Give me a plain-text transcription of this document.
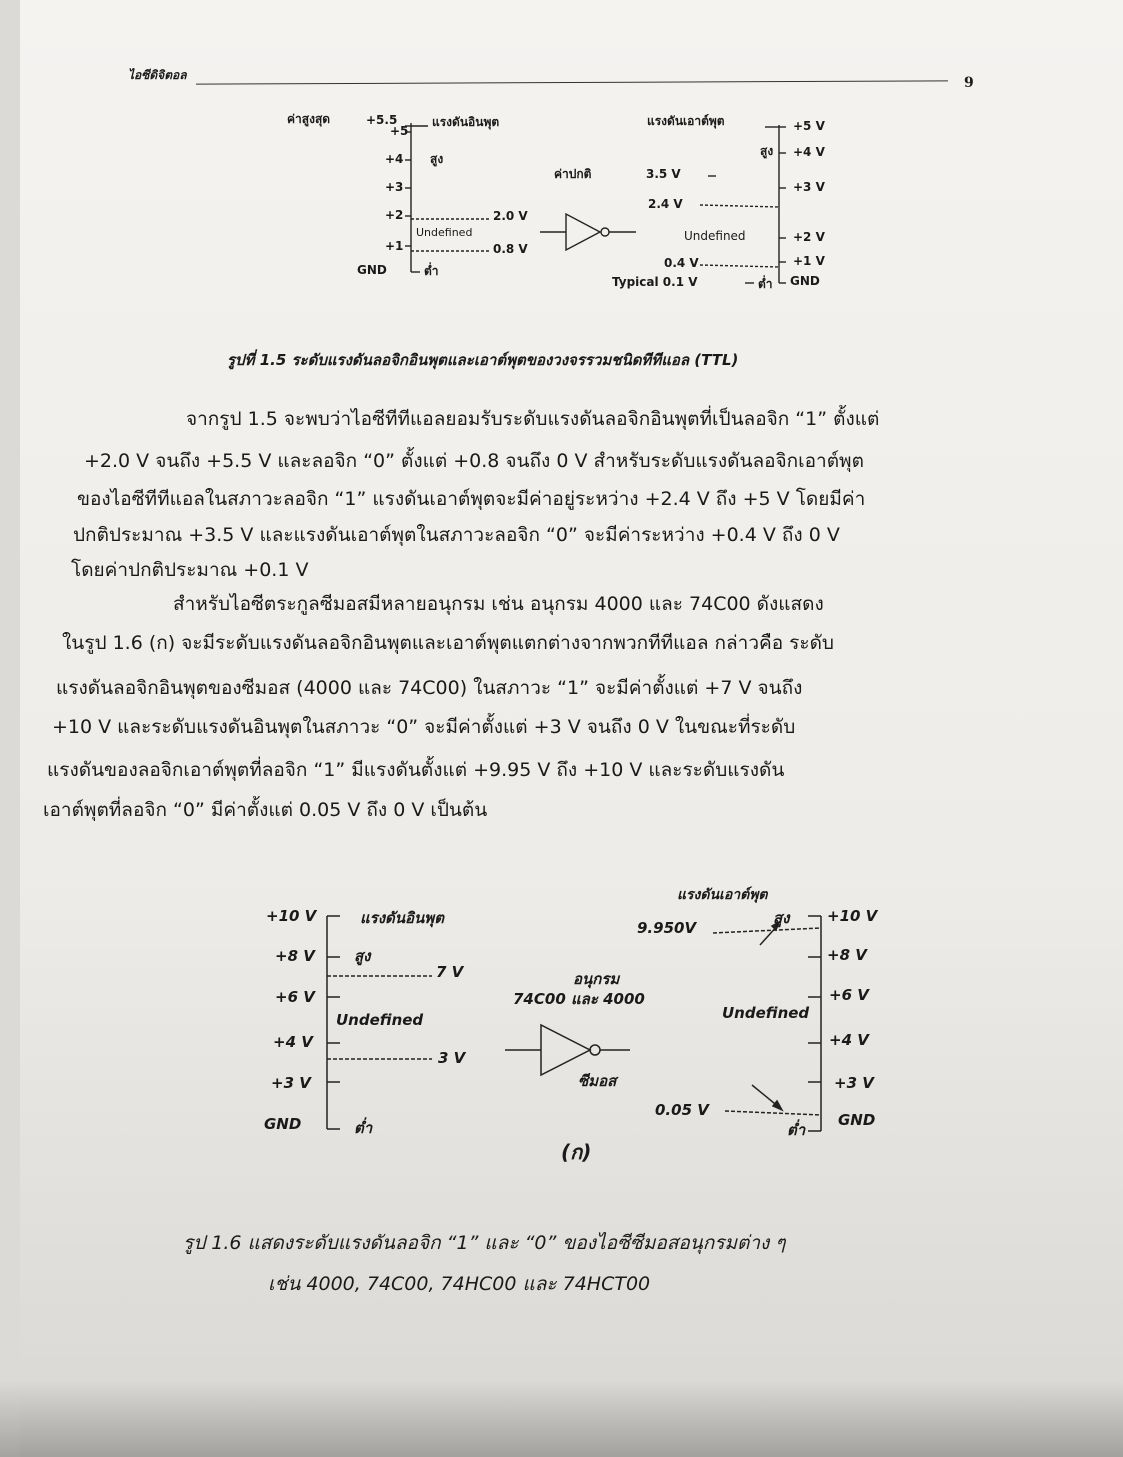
ไอซีดิจิตอล	9
ค่าสูงสุด	แรงดันอินพุต
+5.5
+5
+4
+3
+2
+1
GND
สูง
ต่ำ
Undefined
2.0 V
0.8 V
ค่าปกติ
แรงดันเอาต์พุต	+5 V
+4 V
+3 V
+2 V
+1 V
GND
สูง
ต่ำ
Undefined
3.5 V
2.4 V
0.4 V
Typical 0.1 V
รูปที่ 1.5 ระดับแรงดันลอจิกอินพุตและเอาต์พุตของวงจรรวมชนิดทีทีแอล (TTL)
จากรูป 1.5 จะพบว่าไอซีทีทีแอลยอมรับระดับแรงดันลอจิกอินพุตที่เป็นลอจิก “1” ตั้งแต่
+2.0 V จนถึง +5.5 V และลอจิก “0” ตั้งแต่ +0.8 จนถึง 0 V สำหรับระดับแรงดันลอจิกเอาต์พุต
ของไอซีทีทีแอลในสภาวะลอจิก “1” แรงดันเอาต์พุตจะมีค่าอยู่ระหว่าง +2.4 V ถึง +5 V โดยมีค่า
ปกติประมาณ +3.5 V และแรงดันเอาต์พุตในสภาวะลอจิก “0” จะมีค่าระหว่าง +0.4 V ถึง 0 V
โดยค่าปกติประมาณ +0.1 V
สำหรับไอซีตระกูลซีมอสมีหลายอนุกรม เช่น อนุกรม 4000 และ 74C00 ดังแสดง
ในรูป 1.6 (ก) จะมีระดับแรงดันลอจิกอินพุตและเอาต์พุตแตกต่างจากพวกทีทีแอล กล่าวคือ ระดับ
แรงดันลอจิกอินพุตของซีมอส (4000 และ 74C00) ในสภาวะ “1” จะมีค่าตั้งแต่ +7 V จนถึง
+10 V และระดับแรงดันอินพุตในสภาวะ “0” จะมีค่าตั้งแต่ +3 V จนถึง 0 V ในขณะที่ระดับ
แรงดันของลอจิกเอาต์พุตที่ลอจิก “1” มีแรงดันตั้งแต่ +9.95 V ถึง +10 V และระดับแรงดัน
เอาต์พุตที่ลอจิก “0” มีค่าตั้งแต่ 0.05 V ถึง 0 V เป็นต้น
+10 V
+8 V
+6 V
+4 V
+3 V
GND
แรงดันอินพุต
สูง
ต่ำ
Undefined
7 V
3 V
อนุกรม
74C00 และ 4000
ซีมอส
แรงดันเอาต์พุต
สูง
ต่ำ
Undefined
9.950V
0.05 V
+10 V
+8 V
+6 V
+4 V
+3 V
GND
(ก)
รูป 1.6 แสดงระดับแรงดันลอจิก “1” และ “0” ของไอซีซีมอสอนุกรมต่าง ๆ
เช่น 4000, 74C00, 74HC00 และ 74HCT00
